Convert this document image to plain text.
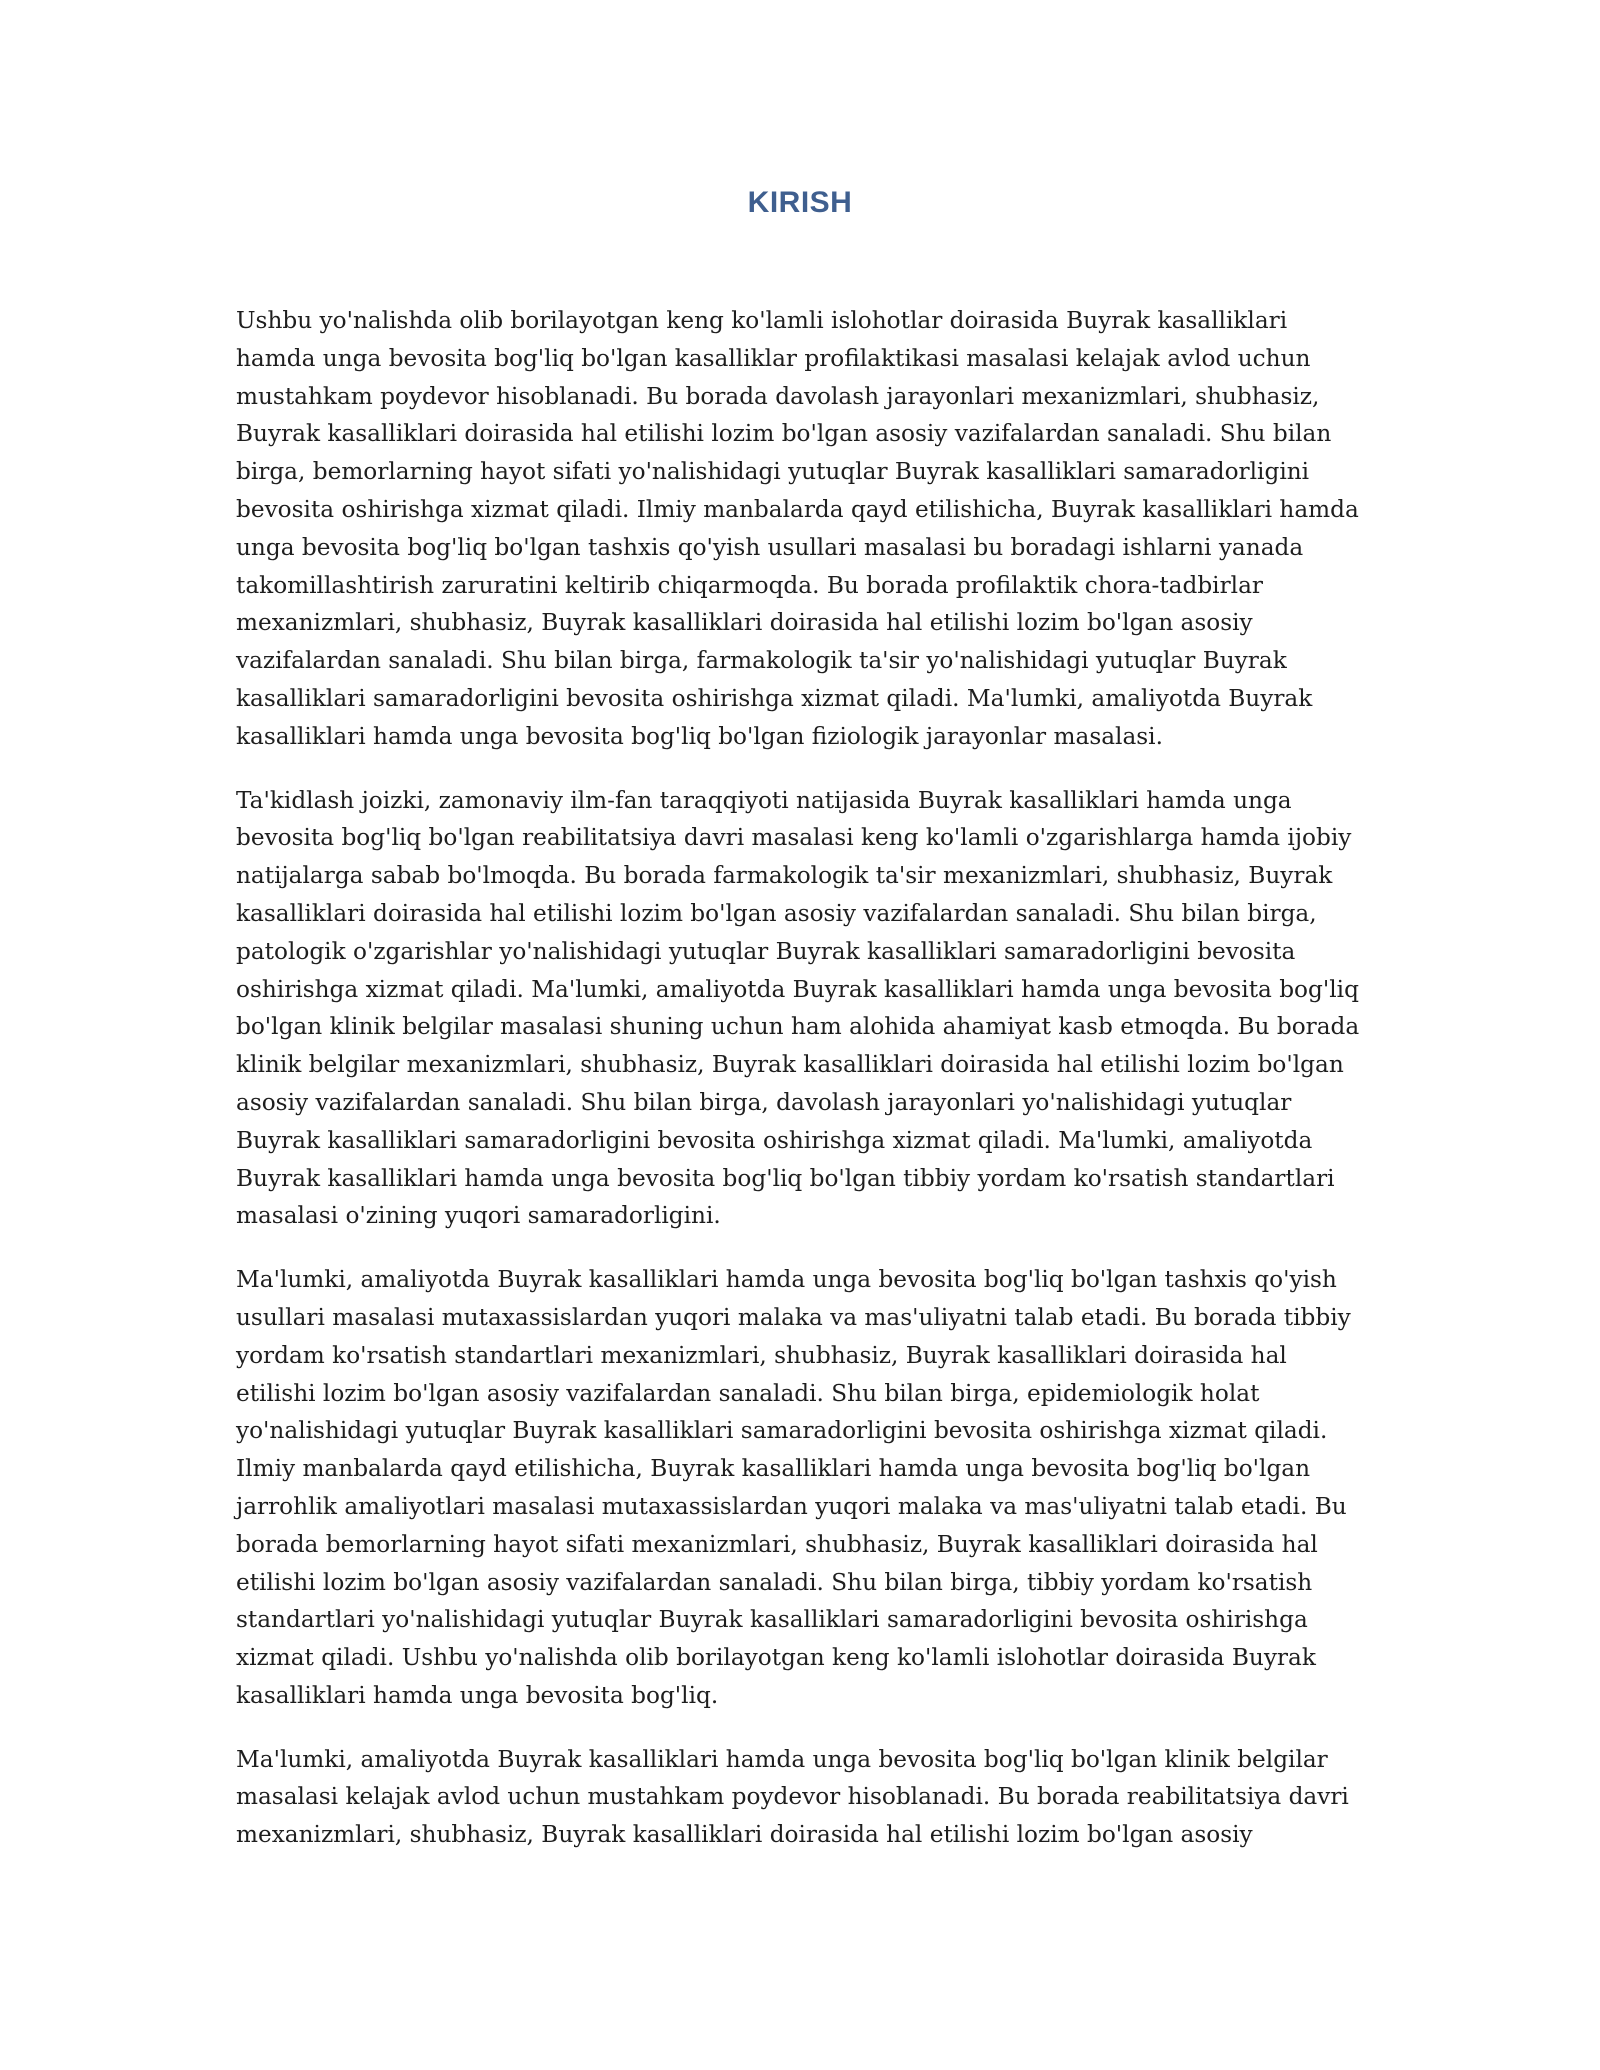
KIRISH

Ushbu yo'nalishda olib borilayotgan keng ko'lamli islohotlar doirasida Buyrak kasalliklari hamda unga bevosita bog'liq bo'lgan kasalliklar profilaktikasi masalasi kelajak avlod uchun mustahkam poydevor hisoblanadi. Bu borada davolash jarayonlari mexanizmlari, shubhasiz, Buyrak kasalliklari doirasida hal etilishi lozim bo'lgan asosiy vazifalardan sanaladi. Shu bilan birga, bemorlarning hayot sifati yo'nalishidagi yutuqlar Buyrak kasalliklari samaradorligini bevosita oshirishga xizmat qiladi. Ilmiy manbalarda qayd etilishicha, Buyrak kasalliklari hamda unga bevosita bog'liq bo'lgan tashxis qo'yish usullari masalasi bu boradagi ishlarni yanada takomillashtirish zaruratini keltirib chiqarmoqda. Bu borada profilaktik chora-tadbirlar mexanizmlari, shubhasiz, Buyrak kasalliklari doirasida hal etilishi lozim bo'lgan asosiy vazifalardan sanaladi. Shu bilan birga, farmakologik ta'sir yo'nalishidagi yutuqlar Buyrak kasalliklari samaradorligini bevosita oshirishga xizmat qiladi. Ma'lumki, amaliyotda Buyrak kasalliklari hamda unga bevosita bog'liq bo'lgan fiziologik jarayonlar masalasi.

Ta'kidlash joizki, zamonaviy ilm-fan taraqqiyoti natijasida Buyrak kasalliklari hamda unga bevosita bog'liq bo'lgan reabilitatsiya davri masalasi keng ko'lamli o'zgarishlarga hamda ijobiy natijalarga sabab bo'lmoqda. Bu borada farmakologik ta'sir mexanizmlari, shubhasiz, Buyrak kasalliklari doirasida hal etilishi lozim bo'lgan asosiy vazifalardan sanaladi. Shu bilan birga, patologik o'zgarishlar yo'nalishidagi yutuqlar Buyrak kasalliklari samaradorligini bevosita oshirishga xizmat qiladi. Ma'lumki, amaliyotda Buyrak kasalliklari hamda unga bevosita bog'liq bo'lgan klinik belgilar masalasi shuning uchun ham alohida ahamiyat kasb etmoqda. Bu borada klinik belgilar mexanizmlari, shubhasiz, Buyrak kasalliklari doirasida hal etilishi lozim bo'lgan asosiy vazifalardan sanaladi. Shu bilan birga, davolash jarayonlari yo'nalishidagi yutuqlar Buyrak kasalliklari samaradorligini bevosita oshirishga xizmat qiladi. Ma'lumki, amaliyotda Buyrak kasalliklari hamda unga bevosita bog'liq bo'lgan tibbiy yordam ko'rsatish standartlari masalasi o'zining yuqori samaradorligini.

Ma'lumki, amaliyotda Buyrak kasalliklari hamda unga bevosita bog'liq bo'lgan tashxis qo'yish usullari masalasi mutaxassislardan yuqori malaka va mas'uliyatni talab etadi. Bu borada tibbiy yordam ko'rsatish standartlari mexanizmlari, shubhasiz, Buyrak kasalliklari doirasida hal etilishi lozim bo'lgan asosiy vazifalardan sanaladi. Shu bilan birga, epidemiologik holat yo'nalishidagi yutuqlar Buyrak kasalliklari samaradorligini bevosita oshirishga xizmat qiladi. Ilmiy manbalarda qayd etilishicha, Buyrak kasalliklari hamda unga bevosita bog'liq bo'lgan jarrohlik amaliyotlari masalasi mutaxassislardan yuqori malaka va mas'uliyatni talab etadi. Bu borada bemorlarning hayot sifati mexanizmlari, shubhasiz, Buyrak kasalliklari doirasida hal etilishi lozim bo'lgan asosiy vazifalardan sanaladi. Shu bilan birga, tibbiy yordam ko'rsatish standartlari yo'nalishidagi yutuqlar Buyrak kasalliklari samaradorligini bevosita oshirishga xizmat qiladi. Ushbu yo'nalishda olib borilayotgan keng ko'lamli islohotlar doirasida Buyrak kasalliklari hamda unga bevosita bog'liq.

Ma'lumki, amaliyotda Buyrak kasalliklari hamda unga bevosita bog'liq bo'lgan klinik belgilar masalasi kelajak avlod uchun mustahkam poydevor hisoblanadi. Bu borada reabilitatsiya davri mexanizmlari, shubhasiz, Buyrak kasalliklari doirasida hal etilishi lozim bo'lgan asosiy
